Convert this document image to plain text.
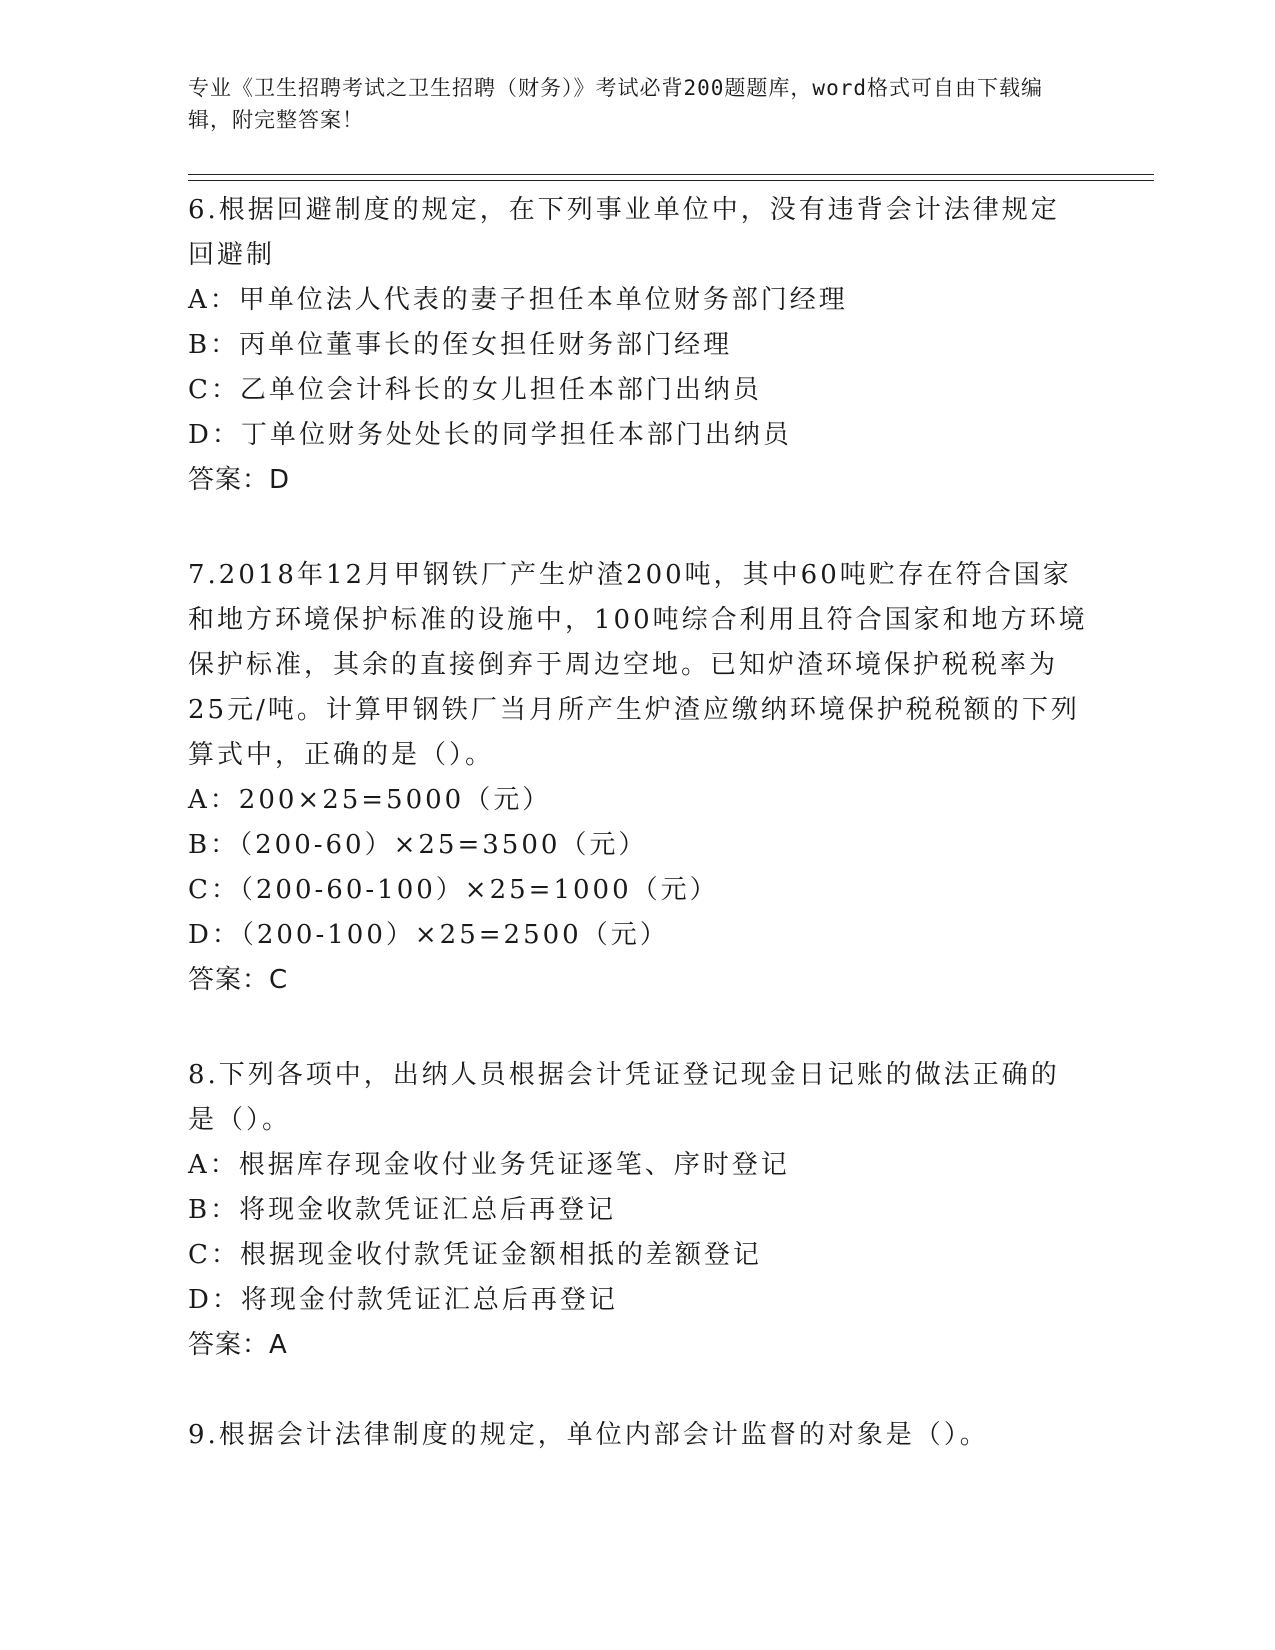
专业《卫生招聘考试之卫生招聘（财务）》考试必背200题题库，word格式可自由下载编辑，附完整答案！
6.根据回避制度的规定，在下列事业单位中，没有违背会计法律规定回避制
A：甲单位法人代表的妻子担任本单位财务部门经理
B：丙单位董事长的侄女担任财务部门经理
C：乙单位会计科长的女儿担任本部门出纳员
D：丁单位财务处处长的同学担任本部门出纳员
答案：D
7.2018年12月甲钢铁厂产生炉渣200吨，其中60吨贮存在符合国家和地方环境保护标准的设施中，100吨综合利用且符合国家和地方环境保护标准，其余的直接倒弃于周边空地。已知炉渣环境保护税税率为25元/吨。计算甲钢铁厂当月所产生炉渣应缴纳环境保护税税额的下列算式中，正确的是（）。
A：200×25=5000（元）
B：（200-60）×25=3500（元）
C：（200-60-100）×25=1000（元）
D：（200-100）×25=2500（元）
答案：C
8.下列各项中，出纳人员根据会计凭证登记现金日记账的做法正确的是（）。
A：根据库存现金收付业务凭证逐笔、序时登记
B：将现金收款凭证汇总后再登记
C：根据现金收付款凭证金额相抵的差额登记
D：将现金付款凭证汇总后再登记
答案：A
9.根据会计法律制度的规定，单位内部会计监督的对象是（）。
